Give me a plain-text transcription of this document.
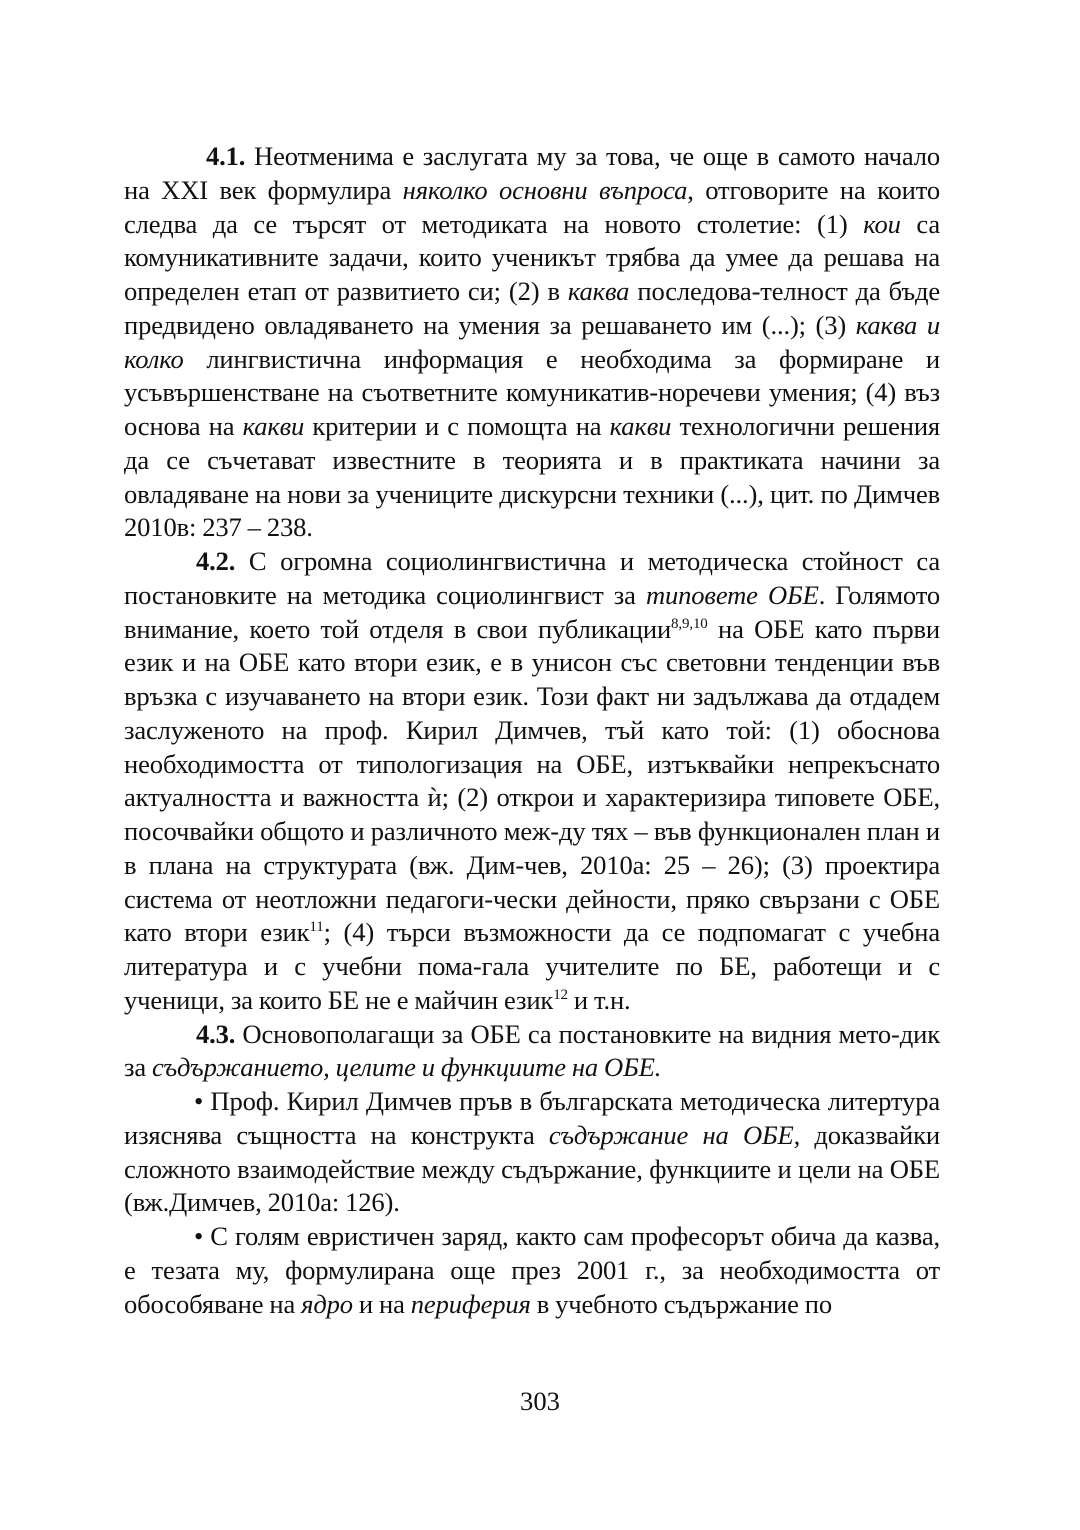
4.1. Неотменима е заслугата му за това, че още в самото начало на XXI век формулира няколко основни въпроса, отговорите на които следва да се търсят от методиката на новото столетие: (1) кои са комуникативните задачи, които ученикът трябва да умее да решава на определен етап от развитието си; (2) в каква последова-телност да бъде предвидено овладяването на умения за решаването им (...); (3) каква и колко лингвистична информация е необходима за формиране и усъвършенстване на съответните комуникатив-норечеви умения; (4) въз основа на какви критерии и с помощта на какви технологични решения да се съчетават известните в теорията и в практиката начини за овладяване на нови за учениците дискурсни техники (...), цит. по Димчев 2010в: 237 – 238.

4.2. С огромна социолингвистична и методическа стойност са постановките на методика социолингвист за типовете ОБЕ. Голямото внимание, което той отделя в свои публикации$^{8,9,10}$ на ОБЕ като първи език и на ОБЕ като втори език, е в унисон със световни тенденции във връзка с изучаването на втори език. Този факт ни задължава да отдадем заслуженото на проф. Кирил Димчев, тъй като той: (1) обоснова необходимостта от типологизация на ОБЕ, изтъквайки непрекъснато актуалността и важността ѝ; (2) открои и характеризира типовете ОБЕ, посочвайки общото и различното меж-ду тях – във функционален план и в плана на структурата (вж. Дим-чев, 2010а: 25 – 26); (3) проектира система от неотложни педагоги-чески дейности, пряко свързани с ОБЕ като втори език$^{11}$; (4) търси възможности да се подпомагат с учебна литература и с учебни пома-гала учителите по БЕ, работещи и с ученици, за които БЕ не е майчин език$^{12}$ и т.н.

4.3. Основополагащи за ОБЕ са постановките на видния мето-дик за съдържанието, целите и функциите на ОБЕ.

• Проф. Кирил Димчев пръв в българската методическа литертура изяснява същността на конструкта съдържание на ОБЕ, доказвайки сложното взаимодействие между съдържание, функциите и цели на ОБЕ (вж.Димчев, 2010а: 126).

• С голям евристичен заряд, както сам професорът обича да казва, е тезата му, формулирана още през 2001 г., за необходимостта от обособяване на ядро и на периферия в учебното съдържание по

303
